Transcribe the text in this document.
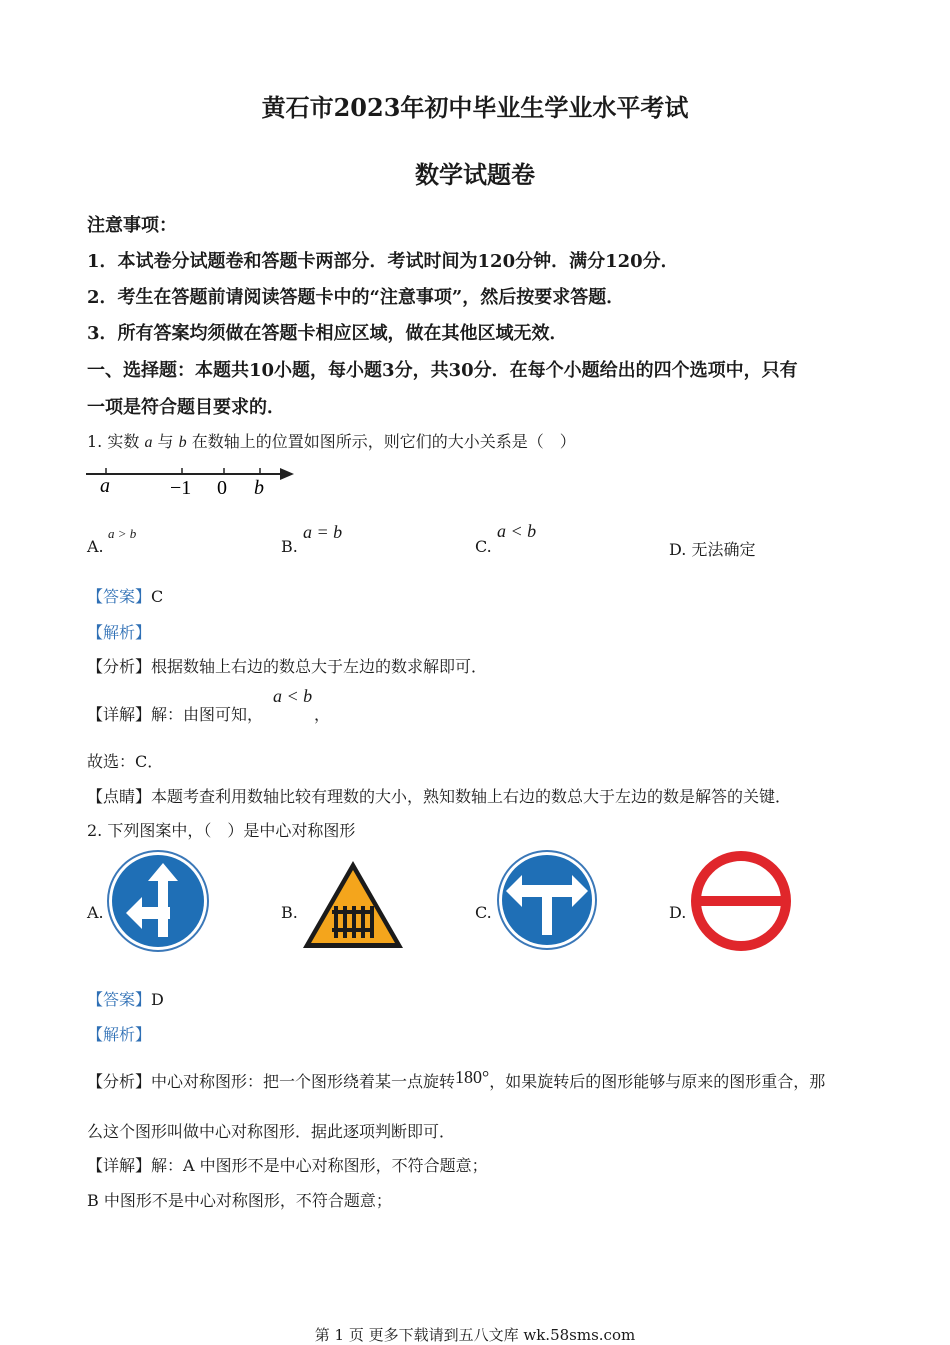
黄石市2023年初中毕业生学业水平考试
数学试题卷
注意事项：
1．本试卷分试题卷和答题卡两部分．考试时间为120分钟．满分120分．
2．考生在答题前请阅读答题卡中的“注意事项”，然后按要求答题．
3．所有答案均须做在答题卡相应区域，做在其他区域无效．
一、选择题：本题共10小题，每小题3分，共30分．在每个小题给出的四个选项中，只有
一项是符合题目要求的．
1. 实数 a 与 b 在数轴上的位置如图所示，则它们的大小关系是（　）
a	−1 0 b
A.
a > b
B.
a = b
C.
a < b
D. 无法确定
【答案】C
【解析】
【分析】根据数轴上右边的数总大于左边的数求解即可．
【详解】解：由图可知，
a < b
，
故选：C．
【点睛】本题考查利用数轴比较有理数的大小，熟知数轴上右边的数总大于左边的数是解答的关键．
2. 下列图案中，（　）是中心对称图形
A.	B.	C.	D.
【答案】D
【解析】
【分析】中心对称图形：把一个图形绕着某一点旋转180°，如果旋转后的图形能够与原来的图形重合，那
么这个图形叫做中心对称图形．据此逐项判断即可．
【详解】解：A 中图形不是中心对称图形，不符合题意；
B 中图形不是中心对称图形，不符合题意；
第 1 页 更多下载请到五八文库 wk.58sms.com
